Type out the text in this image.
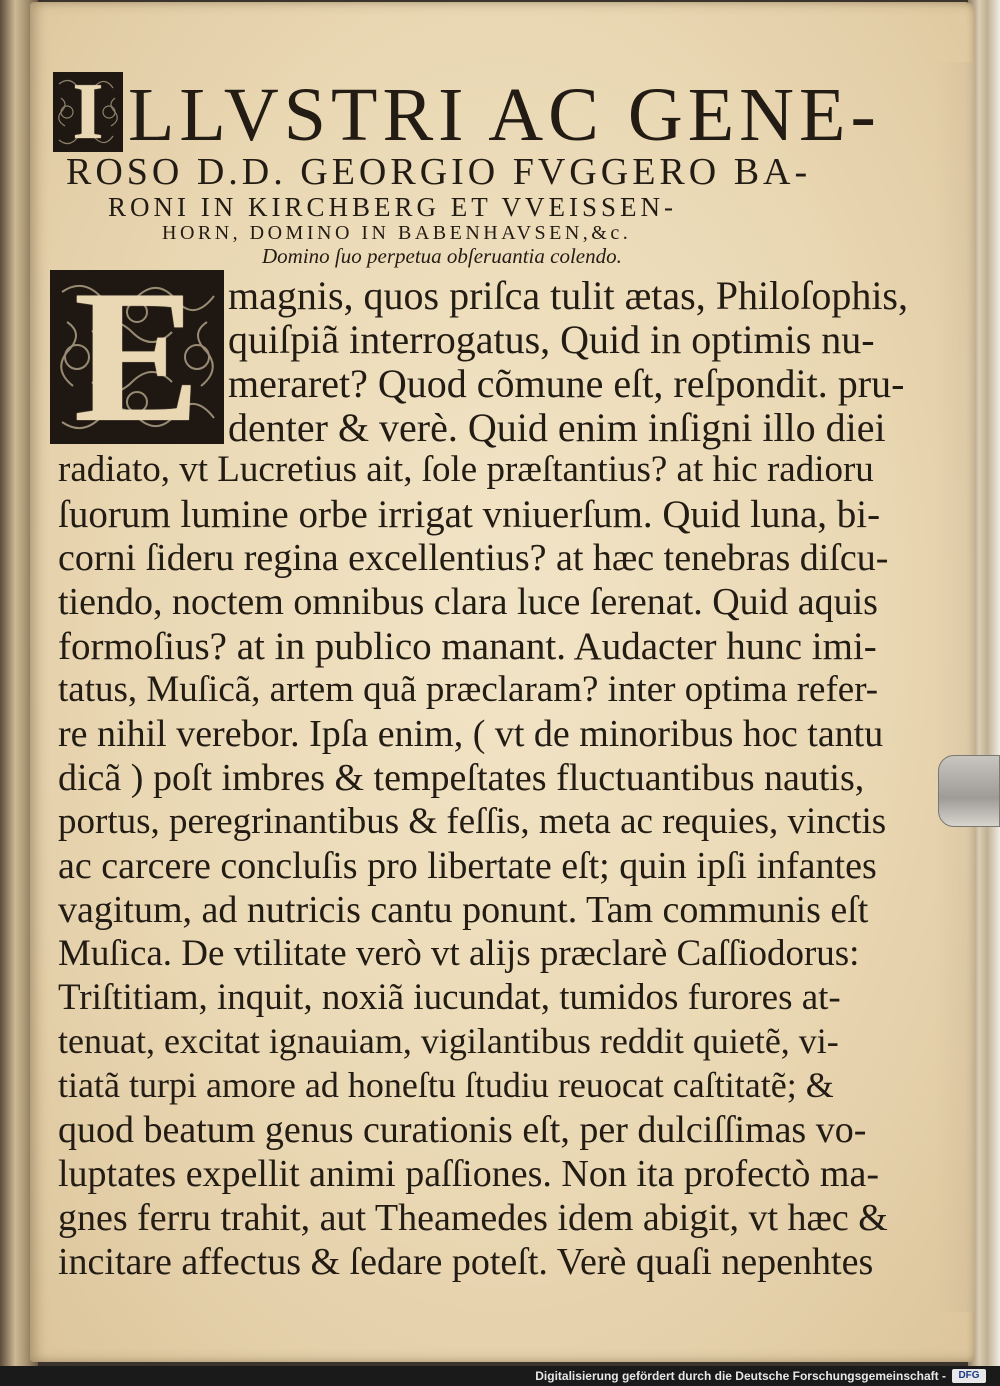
I
E
LLVSTRI AC GENE-
ROSO D.D. GEORGIO FVGGERO BA-
RONI IN KIRCHBERG ET VVEISSEN-
HORN, DOMINO IN BABENHAVSEN,&c.
Domino ſuo perpetua obſeruantia colendo.
magnis, quos priſca tulit ætas, Philoſophis,
quiſpiã interrogatus, Quid in optimis nu-
meraret? Quod cõmune eſt, reſpondit. pru-
denter & verè. Quid enim inſigni illo diei
radiato, vt Lucretius ait, ſole præſtantius? at hic radioru
ſuorum lumine orbe irrigat vniuerſum. Quid luna, bi-
corni ſideru regina excellentius? at hæc tenebras diſcu-
tiendo, noctem omnibus clara luce ſerenat. Quid aquis
formoſius? at in publico manant. Audacter hunc imi-
tatus, Muſicã, artem quã præclaram? inter optima refer-
re nihil verebor. Ipſa enim, ( vt de minoribus hoc tantu
dicã ) poſt imbres & tempeſtates fluctuantibus nautis,
portus, peregrinantibus & feſſis, meta ac requies, vinctis
ac carcere concluſis pro libertate eſt; quin ipſi infantes
vagitum, ad nutricis cantu ponunt. Tam communis eſt
Muſica. De vtilitate verò vt alijs præclarè Caſſiodorus:
Triſtitiam, inquit, noxiã iucundat, tumidos furores at-
tenuat, excitat ignauiam, vigilantibus reddit quietẽ, vi-
tiatã turpi amore ad honeſtu ſtudiu reuocat caſtitatẽ; &
quod beatum genus curationis eſt, per dulciſſimas vo-
luptates expellit animi paſſiones. Non ita profectò ma-
gnes ferru trahit, aut Theamedes idem abigit, vt hæc &
incitare affectus & ſedare poteſt. Verè quaſi nepenhtes
Digitalisierung gefördert durch die Deutsche Forschungsgemeinschaft -	DFG
